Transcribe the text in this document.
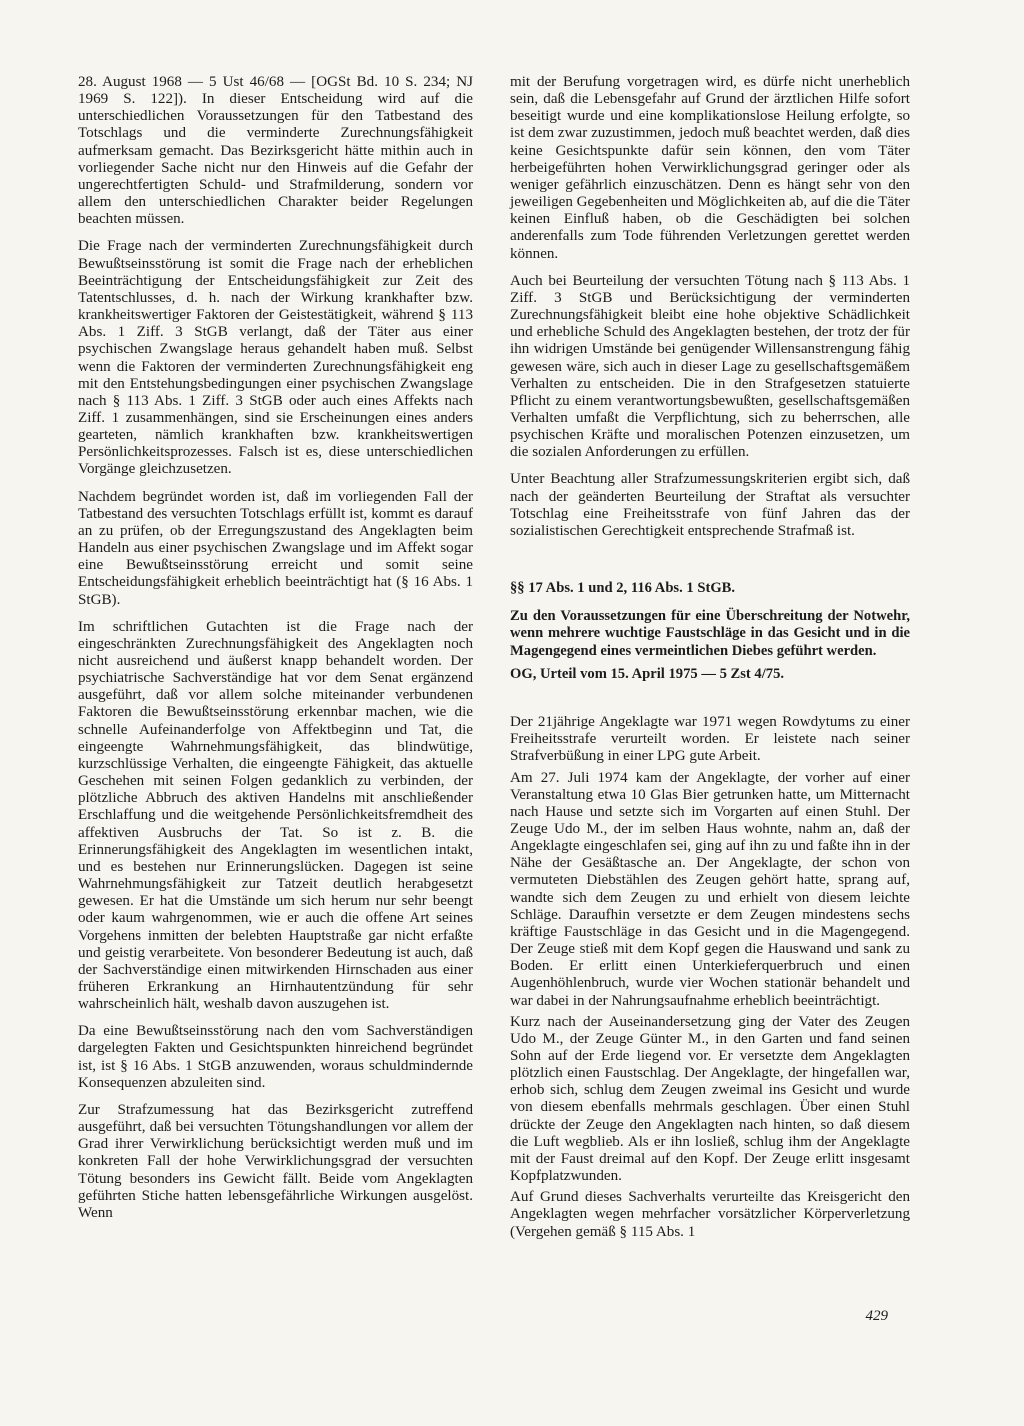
28. August 1968 — 5 Ust 46/68 — [OGSt Bd. 10 S. 234; NJ 1969 S. 122]). In dieser Entscheidung wird auf die unterschiedlichen Voraussetzungen für den Tatbestand des Totschlags und die verminderte Zurechnungsfähigkeit aufmerksam gemacht. Das Bezirksgericht hätte mithin auch in vorliegender Sache nicht nur den Hinweis auf die Gefahr der ungerechtfertigten Schuld- und Strafmilderung, sondern vor allem den unterschiedlichen Charakter beider Regelungen beachten müssen.

Die Frage nach der verminderten Zurechnungsfähigkeit durch Bewußtseinsstörung ist somit die Frage nach der erheblichen Beeinträchtigung der Entscheidungsfähigkeit zur Zeit des Tatentschlusses, d. h. nach der Wirkung krankhafter bzw. krankheitswertiger Faktoren der Geistestätigkeit, während § 113 Abs. 1 Ziff. 3 StGB verlangt, daß der Täter aus einer psychischen Zwangslage heraus gehandelt haben muß. Selbst wenn die Faktoren der verminderten Zurechnungsfähigkeit eng mit den Entstehungsbedingungen einer psychischen Zwangslage nach § 113 Abs. 1 Ziff. 3 StGB oder auch eines Affekts nach Ziff. 1 zusammenhängen, sind sie Erscheinungen eines anders gearteten, nämlich krankhaften bzw. krankheitswertigen Persönlichkeitsprozesses. Falsch ist es, diese unterschiedlichen Vorgänge gleichzusetzen.

Nachdem begründet worden ist, daß im vorliegenden Fall der Tatbestand des versuchten Totschlags erfüllt ist, kommt es darauf an zu prüfen, ob der Erregungszustand des Angeklagten beim Handeln aus einer psychischen Zwangslage und im Affekt sogar eine Bewußtseinsstörung erreicht und somit seine Entscheidungsfähigkeit erheblich beeinträchtigt hat (§ 16 Abs. 1 StGB).

Im schriftlichen Gutachten ist die Frage nach der eingeschränkten Zurechnungsfähigkeit des Angeklagten noch nicht ausreichend und äußerst knapp behandelt worden. Der psychiatrische Sachverständige hat vor dem Senat ergänzend ausgeführt, daß vor allem solche miteinander verbundenen Faktoren die Bewußtseinsstörung erkennbar machen, wie die schnelle Aufeinanderfolge von Affektbeginn und Tat, die eingeengte Wahrnehmungsfähigkeit, das blindwütige, kurzschlüssige Verhalten, die eingeengte Fähigkeit, das aktuelle Geschehen mit seinen Folgen gedanklich zu verbinden, der plötzliche Abbruch des aktiven Handelns mit anschließender Erschlaffung und die weitgehende Persönlichkeitsfremdheit des affektiven Ausbruchs der Tat. So ist z. B. die Erinnerungsfähigkeit des Angeklagten im wesentlichen intakt, und es bestehen nur Erinnerungslücken. Dagegen ist seine Wahrnehmungsfähigkeit zur Tatzeit deutlich herabgesetzt gewesen. Er hat die Umstände um sich herum nur sehr beengt oder kaum wahrgenommen, wie er auch die offene Art seines Vorgehens inmitten der belebten Hauptstraße gar nicht erfaßte und geistig verarbeitete. Von besonderer Bedeutung ist auch, daß der Sachverständige einen mitwirkenden Hirnschaden aus einer früheren Erkrankung an Hirnhautentzündung für sehr wahrscheinlich hält, weshalb davon auszugehen ist.

Da eine Bewußtseinsstörung nach den vom Sachverständigen dargelegten Fakten und Gesichtspunkten hinreichend begründet ist, ist § 16 Abs. 1 StGB anzuwenden, woraus schuldmindernde Konsequenzen abzuleiten sind.

Zur Strafzumessung hat das Bezirksgericht zutreffend ausgeführt, daß bei versuchten Tötungshandlungen vor allem der Grad ihrer Verwirklichung berücksichtigt werden muß und im konkreten Fall der hohe Verwirklichungsgrad der versuchten Tötung besonders ins Gewicht fällt. Beide vom Angeklagten geführten Stiche hatten lebensgefährliche Wirkungen ausgelöst. Wenn

mit der Berufung vorgetragen wird, es dürfe nicht unerheblich sein, daß die Lebensgefahr auf Grund der ärztlichen Hilfe sofort beseitigt wurde und eine komplikationslose Heilung erfolgte, so ist dem zwar zuzustimmen, jedoch muß beachtet werden, daß dies keine Gesichtspunkte dafür sein können, den vom Täter herbeigeführten hohen Verwirklichungsgrad geringer oder als weniger gefährlich einzuschätzen. Denn es hängt sehr von den jeweiligen Gegebenheiten und Möglichkeiten ab, auf die die Täter keinen Einfluß haben, ob die Geschädigten bei solchen anderenfalls zum Tode führenden Verletzungen gerettet werden können.

Auch bei Beurteilung der versuchten Tötung nach § 113 Abs. 1 Ziff. 3 StGB und Berücksichtigung der verminderten Zurechnungsfähigkeit bleibt eine hohe objektive Schädlichkeit und erhebliche Schuld des Angeklagten bestehen, der trotz der für ihn widrigen Umstände bei genügender Willensanstrengung fähig gewesen wäre, sich auch in dieser Lage zu gesellschaftsgemäßem Verhalten zu entscheiden. Die in den Strafgesetzen statuierte Pflicht zu einem verantwortungsbewußten, gesellschaftsgemäßen Verhalten umfaßt die Verpflichtung, sich zu beherrschen, alle psychischen Kräfte und moralischen Potenzen einzusetzen, um die sozialen Anforderungen zu erfüllen.

Unter Beachtung aller Strafzumessungskriterien ergibt sich, daß nach der geänderten Beurteilung der Straftat als versuchter Totschlag eine Freiheitsstrafe von fünf Jahren das der sozialistischen Gerechtigkeit entsprechende Strafmaß ist.

§§ 17 Abs. 1 und 2, 116 Abs. 1 StGB.
Zu den Voraussetzungen für eine Überschreitung der Notwehr, wenn mehrere wuchtige Faustschläge in das Gesicht und in die Magengegend eines vermeintlichen Diebes geführt werden.
OG, Urteil vom 15. April 1975 — 5 Zst 4/75.

Der 21jährige Angeklagte war 1971 wegen Rowdytums zu einer Freiheitsstrafe verurteilt worden. Er leistete nach seiner Strafverbüßung in einer LPG gute Arbeit.

Am 27. Juli 1974 kam der Angeklagte, der vorher auf einer Veranstaltung etwa 10 Glas Bier getrunken hatte, um Mitternacht nach Hause und setzte sich im Vorgarten auf einen Stuhl. Der Zeuge Udo M., der im selben Haus wohnte, nahm an, daß der Angeklagte eingeschlafen sei, ging auf ihn zu und faßte ihn in der Nähe der Gesäßtasche an. Der Angeklagte, der schon von vermuteten Diebstählen des Zeugen gehört hatte, sprang auf, wandte sich dem Zeugen zu und erhielt von diesem leichte Schläge. Daraufhin versetzte er dem Zeugen mindestens sechs kräftige Faustschläge in das Gesicht und in die Magengegend. Der Zeuge stieß mit dem Kopf gegen die Hauswand und sank zu Boden. Er erlitt einen Unterkieferquerbruch und einen Augenhöhlenbruch, wurde vier Wochen stationär behandelt und war dabei in der Nahrungsaufnahme erheblich beeinträchtigt.

Kurz nach der Auseinandersetzung ging der Vater des Zeugen Udo M., der Zeuge Günter M., in den Garten und fand seinen Sohn auf der Erde liegend vor. Er versetzte dem Angeklagten plötzlich einen Faustschlag. Der Angeklagte, der hingefallen war, erhob sich, schlug dem Zeugen zweimal ins Gesicht und wurde von diesem ebenfalls mehrmals geschlagen. Über einen Stuhl drückte der Zeuge den Angeklagten nach hinten, so daß diesem die Luft wegblieb. Als er ihn losließ, schlug ihm der Angeklagte mit der Faust dreimal auf den Kopf. Der Zeuge erlitt insgesamt Kopfplatzwunden.

Auf Grund dieses Sachverhalts verurteilte das Kreisgericht den Angeklagten wegen mehrfacher vorsätzlicher Körperverletzung (Vergehen gemäß § 115 Abs. 1

429
